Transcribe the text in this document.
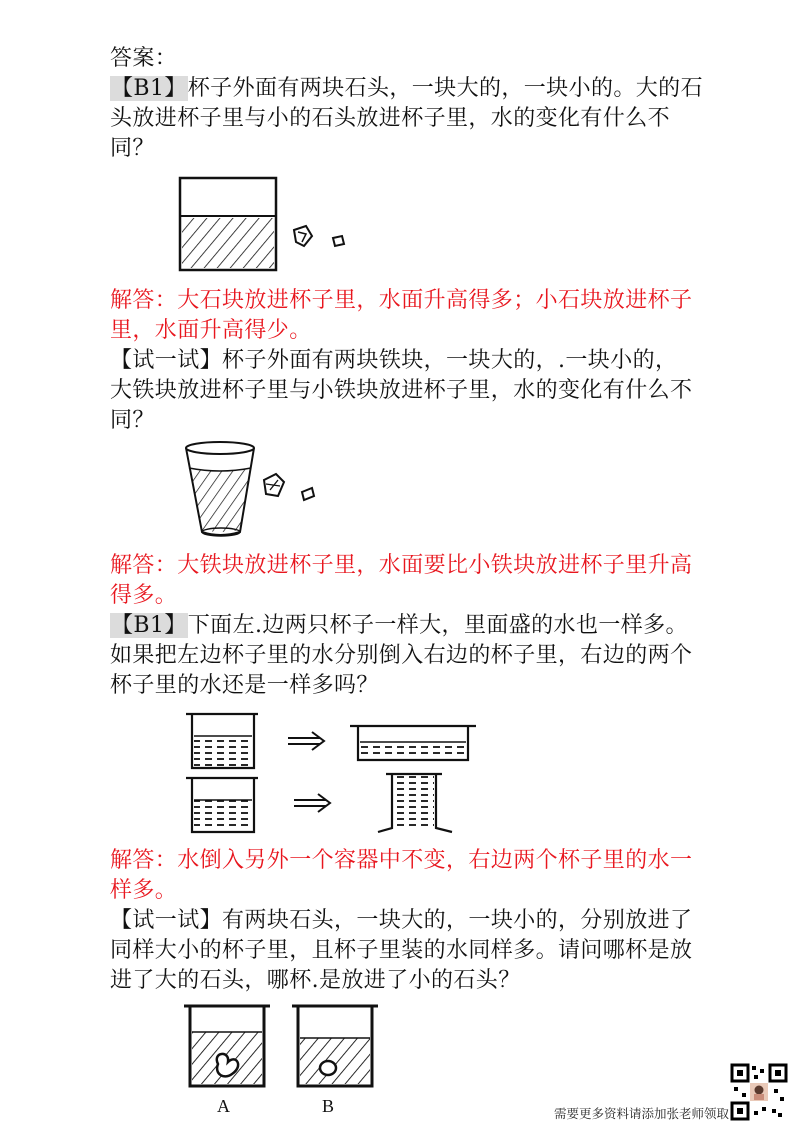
答案：
【B1】杯子外面有两块石头，一块大的，一块小的。大的石
头放进杯子里与小的石头放进杯子里，水的变化有什么不
同？
解答：大石块放进杯子里，水面升高得多；小石块放进杯子
里，水面升高得少。
【试一试】杯子外面有两块铁块，一块大的，.一块小的，
大铁块放进杯子里与小铁块放进杯子里，水的变化有什么不
同？
解答：大铁块放进杯子里，水面要比小铁块放进杯子里升高
得多。
【B1】下面左.边两只杯子一样大，里面盛的水也一样多。
如果把左边杯子里的水分别倒入右边的杯子里，右边的两个
杯子里的水还是一样多吗？
解答：水倒入另外一个容器中不变，右边两个杯子里的水一
样多。
【试一试】有两块石头，一块大的，一块小的，分别放进了
同样大小的杯子里，且杯子里装的水同样多。请问哪杯是放
进了大的石头，哪杯.是放进了小的石头？
A	B	需要更多资料请添加张老师领取
